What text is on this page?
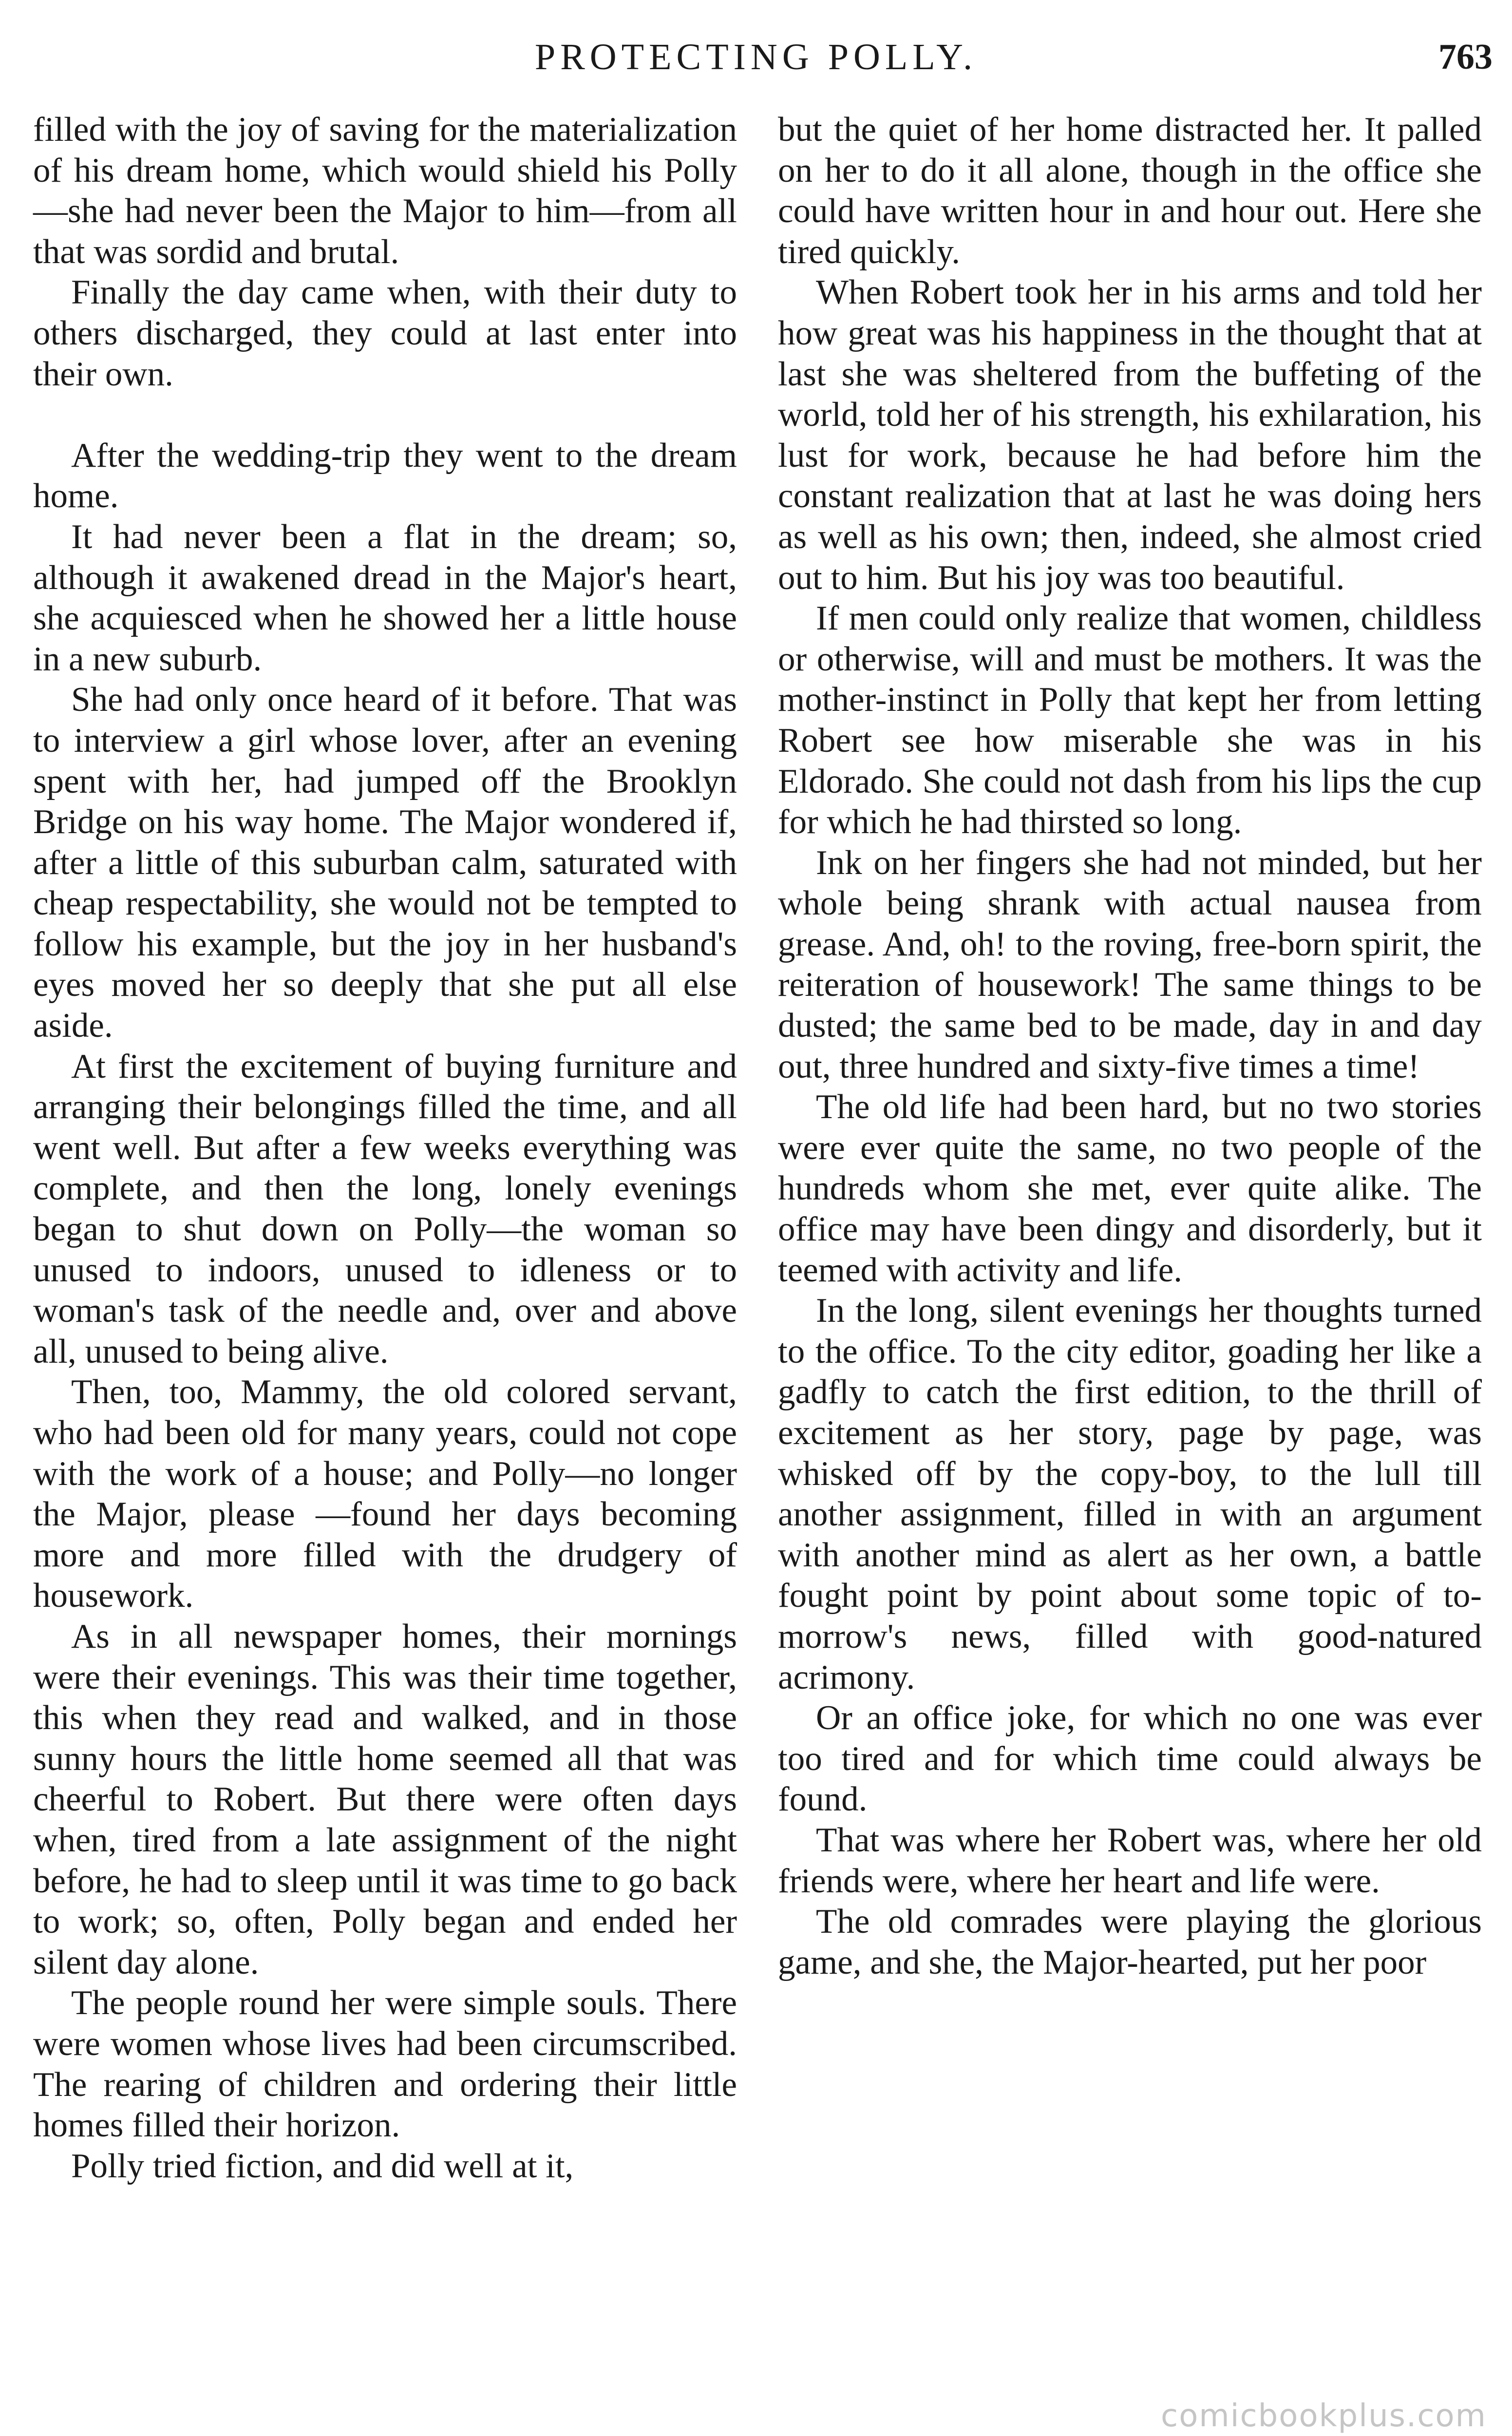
PROTECTING POLLY.	763

filled with the joy of saving for the materialization of his dream home, which would shield his Polly—she had never been the Major to him—from all that was sordid and brutal.

Finally the day came when, with their duty to others discharged, they could at last enter into their own.

After the wedding-trip they went to the dream home.

It had never been a flat in the dream; so, although it awakened dread in the Major's heart, she acquiesced when he showed her a little house in a new suburb.

She had only once heard of it before. That was to interview a girl whose lover, after an evening spent with her, had jumped off the Brooklyn Bridge on his way home. The Major wondered if, after a little of this suburban calm, saturated with cheap respectability, she would not be tempted to follow his example, but the joy in her husband's eyes moved her so deeply that she put all else aside.

At first the excitement of buying furniture and arranging their belongings filled the time, and all went well. But after a few weeks everything was complete, and then the long, lonely evenings began to shut down on Polly—the woman so unused to indoors, unused to idleness or to woman's task of the needle and, over and above all, unused to being alive.

Then, too, Mammy, the old colored servant, who had been old for many years, could not cope with the work of a house; and Polly—no longer the Major, please —found her days becoming more and more filled with the drudgery of housework.

As in all newspaper homes, their mornings were their evenings. This was their time together, this when they read and walked, and in those sunny hours the little home seemed all that was cheerful to Robert. But there were often days when, tired from a late assignment of the night before, he had to sleep until it was time to go back to work; so, often, Polly began and ended her silent day alone.

The people round her were simple souls. There were women whose lives had been circumscribed. The rearing of children and ordering their little homes filled their horizon.

Polly tried fiction, and did well at it,

but the quiet of her home distracted her. It palled on her to do it all alone, though in the office she could have written hour in and hour out. Here she tired quickly.

When Robert took her in his arms and told her how great was his happiness in the thought that at last she was sheltered from the buffeting of the world, told her of his strength, his exhilaration, his lust for work, because he had before him the constant realization that at last he was doing hers as well as his own; then, indeed, she almost cried out to him. But his joy was too beautiful.

If men could only realize that women, childless or otherwise, will and must be mothers. It was the mother-instinct in Polly that kept her from letting Robert see how miserable she was in his Eldorado. She could not dash from his lips the cup for which he had thirsted so long.

Ink on her fingers she had not minded, but her whole being shrank with actual nausea from grease. And, oh! to the roving, free-born spirit, the reiteration of housework! The same things to be dusted; the same bed to be made, day in and day out, three hundred and sixty-five times a time!

The old life had been hard, but no two stories were ever quite the same, no two people of the hundreds whom she met, ever quite alike. The office may have been dingy and disorderly, but it teemed with activity and life.

In the long, silent evenings her thoughts turned to the office. To the city editor, goading her like a gadfly to catch the first edition, to the thrill of excitement as her story, page by page, was whisked off by the copy-boy, to the lull till another assignment, filled in with an argument with another mind as alert as her own, a battle fought point by point about some topic of to-morrow's news, filled with good-natured acrimony.

Or an office joke, for which no one was ever too tired and for which time could always be found.

That was where her Robert was, where her old friends were, where her heart and life were.

The old comrades were playing the glorious game, and she, the Major-hearted, put her poor

comicbookplus.com
